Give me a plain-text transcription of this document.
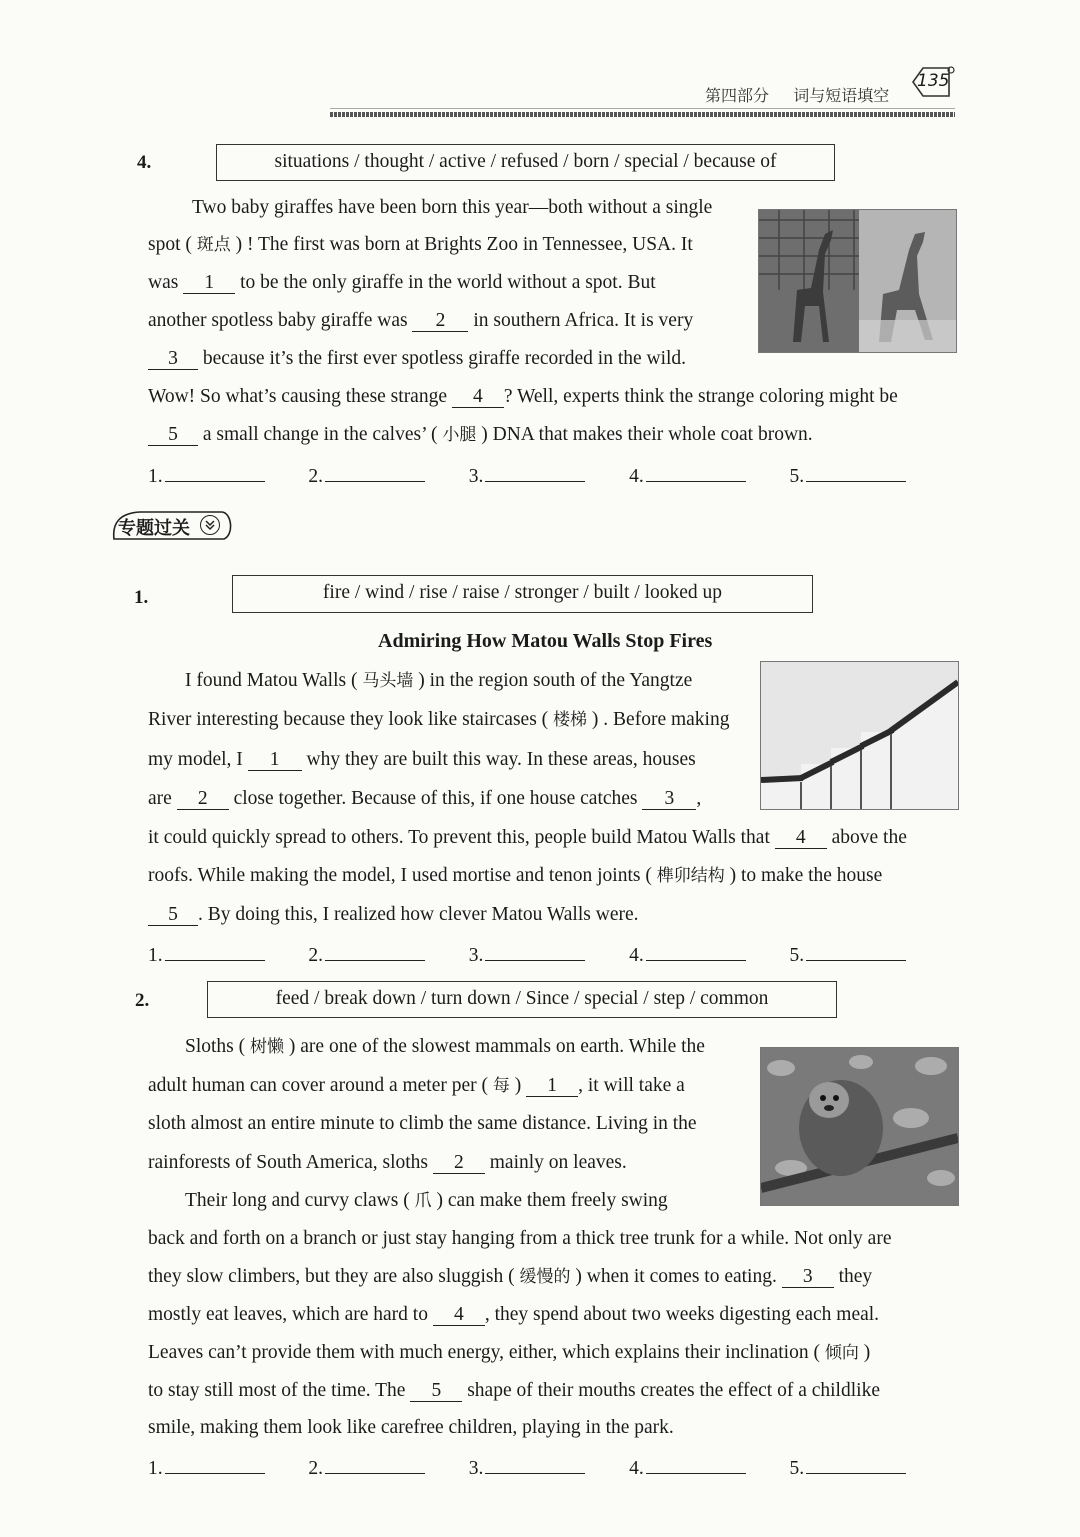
第四部分 词与短语填空
135
4.	situations / thought / active / refused / born / special / because of
Two baby giraffes have been born this year—both without a single
spot ( 斑点 ) ! The first was born at Brights Zoo in Tennessee, USA. It
was 1 to be the only giraffe in the world without a spot. But
another spotless baby giraffe was 2 in southern Africa. It is very
3 because it’s the first ever spotless giraffe recorded in the wild.
Wow! So what’s causing these strange 4 ? Well, experts think the strange coloring might be
5 a small change in the calves’ ( 小腿 ) DNA that makes their whole coat brown.
1.	2.	3.	4.	5.
专题过关
1.	fire / wind / rise / raise / stronger / built / looked up
Admiring How Matou Walls Stop Fires
I found Matou Walls ( 马头墙 ) in the region south of the Yangtze
River interesting because they look like staircases ( 楼梯 ) . Before making
my model, I 1 why they are built this way. In these areas, houses
are 2 close together. Because of this, if one house catches 3 ,
it could quickly spread to others. To prevent this, people build Matou Walls that 4 above the
roofs. While making the model, I used mortise and tenon joints ( 榫卯结构 ) to make the house
5 . By doing this, I realized how clever Matou Walls were.
1.	2.	3.	4.	5.
2.	feed / break down / turn down / Since / special / step / common
Sloths ( 树懒 ) are one of the slowest mammals on earth. While the
adult human can cover around a meter per ( 每 ) 1 , it will take a
sloth almost an entire minute to climb the same distance. Living in the
rainforests of South America, sloths 2 mainly on leaves.
Their long and curvy claws ( 爪 ) can make them freely swing
back and forth on a branch or just stay hanging from a thick tree trunk for a while. Not only are
they slow climbers, but they are also sluggish ( 缓慢的 ) when it comes to eating. 3 they
mostly eat leaves, which are hard to 4 , they spend about two weeks digesting each meal.
Leaves can’t provide them with much energy, either, which explains their inclination ( 倾向 )
to stay still most of the time. The 5 shape of their mouths creates the effect of a childlike
smile, making them look like carefree children, playing in the park.
1.	2.	3.	4.	5.
